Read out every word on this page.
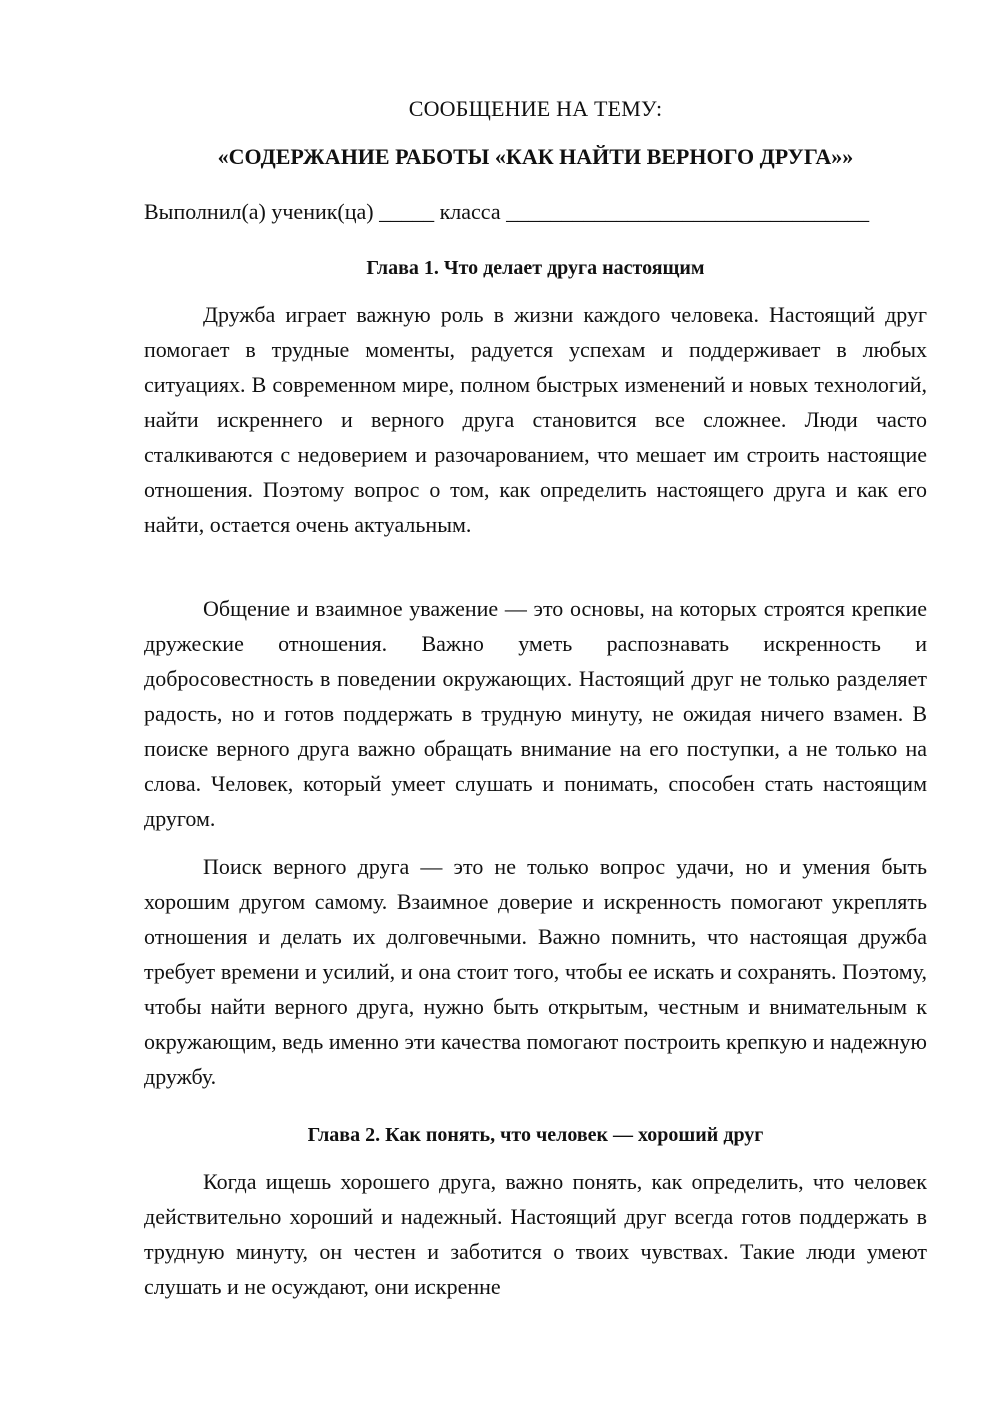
СООБЩЕНИЕ НА ТЕМУ:
«СОДЕРЖАНИЕ РАБОТЫ «КАК НАЙТИ ВЕРНОГО ДРУГА»»
Выполнил(а) ученик(ца) _____ класса _________________________________
Глава 1. Что делает друга настоящим

Дружба играет важную роль в жизни каждого человека. Настоящий друг помогает в трудные моменты, радуется успехам и поддерживает в любых ситуациях. В современном мире, полном быстрых изменений и новых технологий, найти искреннего и верного друга становится все сложнее. Люди часто сталкиваются с недоверием и разочарованием, что мешает им строить настоящие отношения. Поэтому вопрос о том, как определить настоящего друга и как его найти, остается очень актуальным.

Общение и взаимное уважение — это основы, на которых строятся крепкие дружеские отношения. Важно уметь распознавать искренность и добросовестность в поведении окружающих. Настоящий друг не только разделяет радость, но и готов поддержать в трудную минуту, не ожидая ничего взамен. В поиске верного друга важно обращать внимание на его поступки, а не только на слова. Человек, который умеет слушать и понимать, способен стать настоящим другом.

Поиск верного друга — это не только вопрос удачи, но и умения быть хорошим другом самому. Взаимное доверие и искренность помогают укреплять отношения и делать их долговечными. Важно помнить, что настоящая дружба требует времени и усилий, и она стоит того, чтобы ее искать и сохранять. Поэтому, чтобы найти верного друга, нужно быть открытым, честным и внимательным к окружающим, ведь именно эти качества помогают построить крепкую и надежную дружбу.

Глава 2. Как понять, что человек — хороший друг

Когда ищешь хорошего друга, важно понять, как определить, что человек действительно хороший и надежный. Настоящий друг всегда готов поддержать в трудную минуту, он честен и заботится о твоих чувствах. Такие люди умеют слушать и не осуждают, они искренне
